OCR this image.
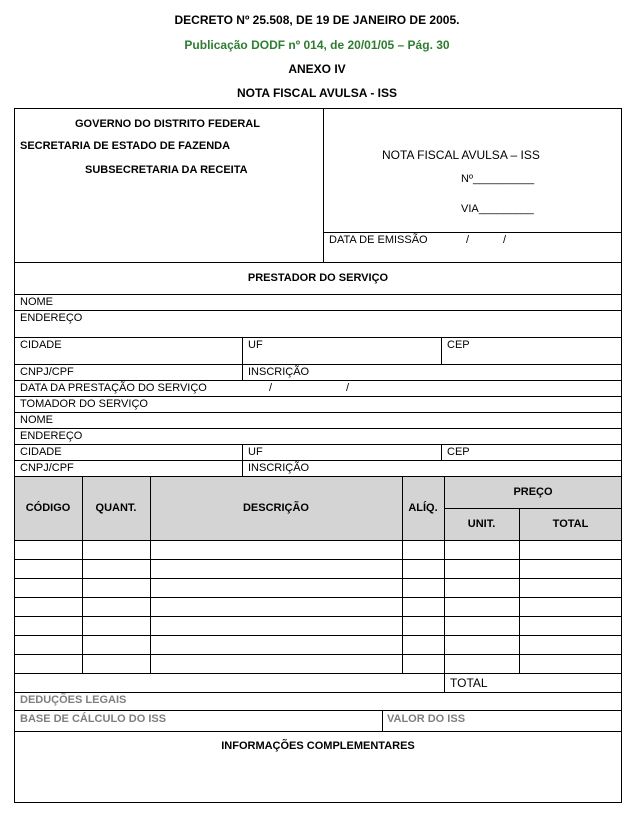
DECRETO Nº 25.508, DE 19 DE JANEIRO DE 2005.
Publicação DODF nº 014, de 20/01/05 – Pág. 30
ANEXO IV
NOTA FISCAL AVULSA - ISS
GOVERNO DO DISTRITO FEDERAL
SECRETARIA DE ESTADO DE FAZENDA
SUBSECRETARIA DA RECEITA
NOTA FISCAL AVULSA – ISS
Nº__________
VIA_________
DATA DE EMISSÃO	/	/
PRESTADOR DO SERVIÇO
NOME
ENDEREÇO
CIDADE	UF	CEP
CNPJ/CPF	INSCRIÇÃO
DATA DA PRESTAÇÃO DO SERVIÇO	/	/
TOMADOR DO SERVIÇO
NOME
ENDEREÇO
CIDADE	UF	CEP
CNPJ/CPF	INSCRIÇÃO
CÓDIGO	QUANT.	DESCRIÇÃO	ALÍQ.
PREÇO
UNIT.	TOTAL
TOTAL
DEDUÇÕES LEGAIS
BASE DE CÁLCULO DO ISS	VALOR DO ISS
INFORMAÇÕES COMPLEMENTARES
